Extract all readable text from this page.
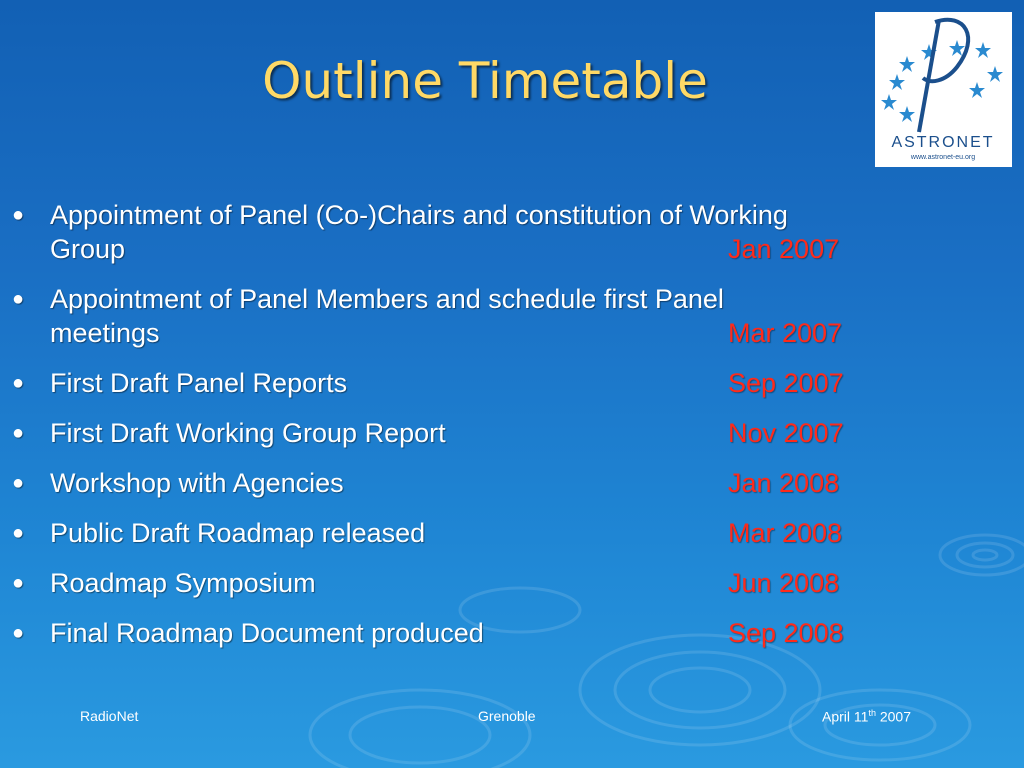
Outline Timetable
ASTRONET
www.astronet-eu.org
● Appointment of Panel (Co-)Chairs and constitution of Working
Group	Jan 2007
● Appointment of Panel Members and schedule first Panel
meetings	Mar 2007
● First Draft Panel Reports	Sep 2007
● First Draft Working Group Report	Nov 2007
● Workshop with Agencies	Jan 2008
● Public Draft Roadmap released	Mar 2008
● Roadmap Symposium	Jun 2008
● Final Roadmap Document produced	Sep 2008
RadioNet	Grenoble	April 11th 2007
